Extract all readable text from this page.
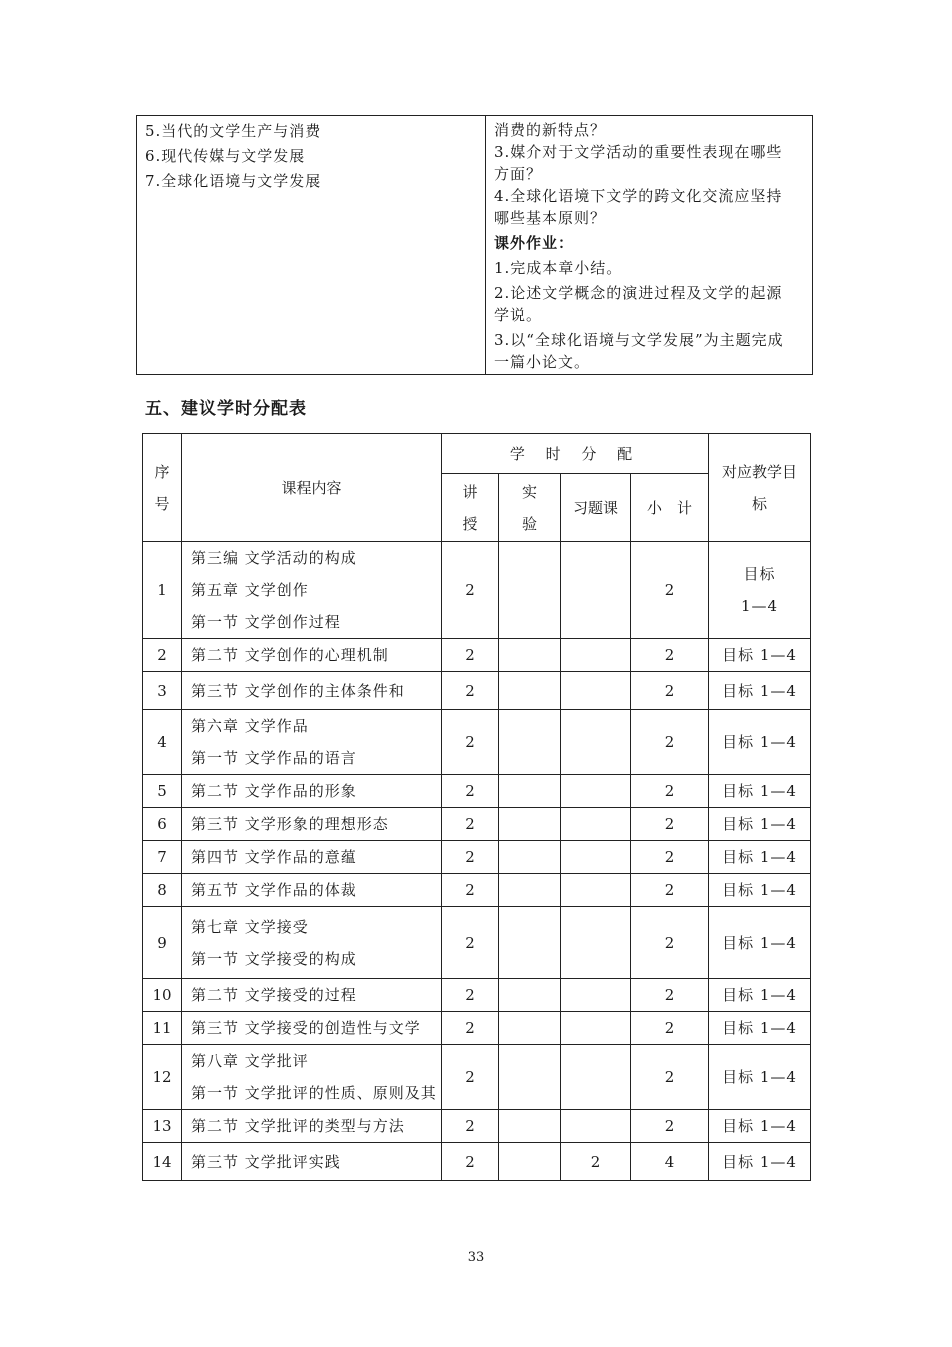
5.当代的文学生产与消费
6.现代传媒与文学发展
7.全球化语境与文学发展

消费的新特点？
3.媒介对于文学活动的重要性表现在哪些
方面？
4.全球化语境下文学的跨文化交流应坚持
哪些基本原则？
课外作业：
1.完成本章小结。
2.论述文学概念的演进过程及文学的起源
学说。
3.以“全球化语境与文学发展”为主题完成
一篇小论文。
五、建议学时分配表
序
号	课程内容	学 时 分 配				对应教学目
标

		讲
授	实
验	习题课	小　计	
1	第三编 文学活动的构成
第五章 文学创作
第一节 文学创作过程	2			2	目标
1—4

2	第二节 文学创作的心理机制	2			2	目标 1—4

3	第三节 文学创作的主体条件和	2			2	目标 1—4

4	第六章 文学作品
第一节 文学作品的语言	2			2	目标 1—4

5	第二节 文学作品的形象	2			2	目标 1—4

6	第三节 文学形象的理想形态	2			2	目标 1—4

7	第四节 文学作品的意蕴	2			2	目标 1—4

8	第五节 文学作品的体裁	2			2	目标 1—4

9	第七章 文学接受
第一节 文学接受的构成	2			2	目标 1—4

10	第二节 文学接受的过程	2			2	目标 1—4

11	第三节 文学接受的创造性与文学	2			2	目标 1—4

12	第八章 文学批评
第一节 文学批评的性质、原则及其	2			2	目标 1—4

13	第二节 文学批评的类型与方法	2			2	目标 1—4

14	第三节 文学批评实践	2		2	4	目标 1—4
33
